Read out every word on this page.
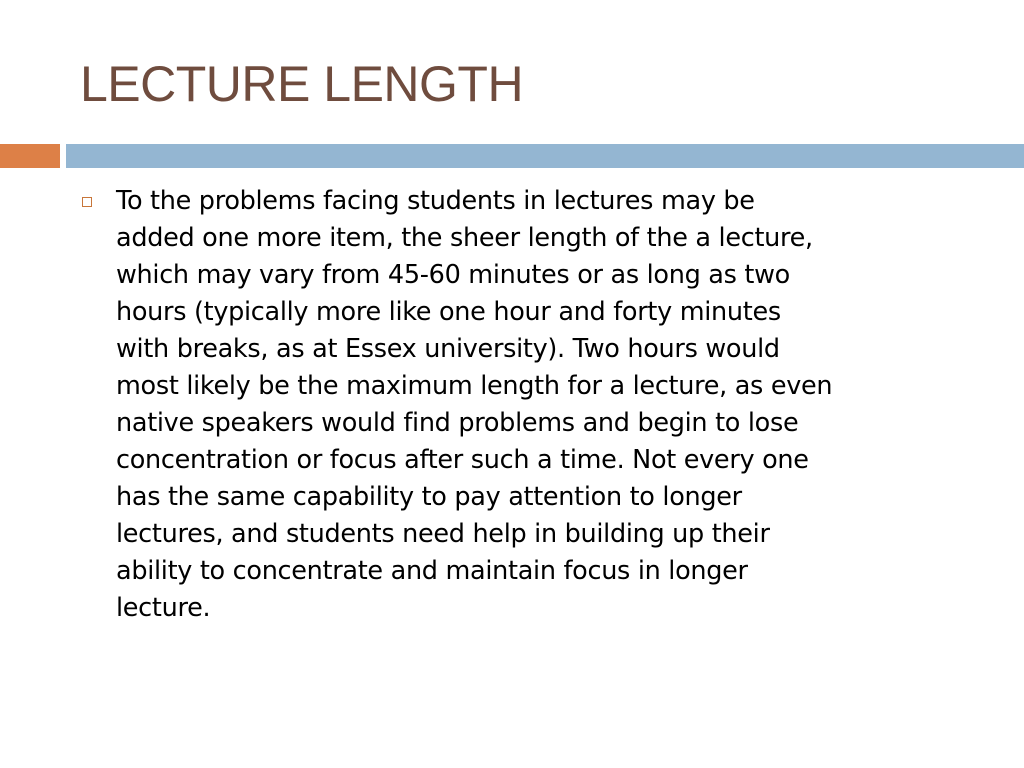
LECTURE LENGTH
To the problems facing students in lectures may be
added one more item, the sheer length of the a lecture,
which may vary from 45-60 minutes or as long as two
hours (typically more like one hour and forty minutes
with breaks, as at Essex university). Two hours would
most likely be the maximum length for a lecture, as even
native speakers would find problems and begin to lose
concentration or focus after such a time. Not every one
has the same capability to pay attention to longer
lectures, and students need help in building up their
ability to concentrate and maintain focus in longer
lecture.
